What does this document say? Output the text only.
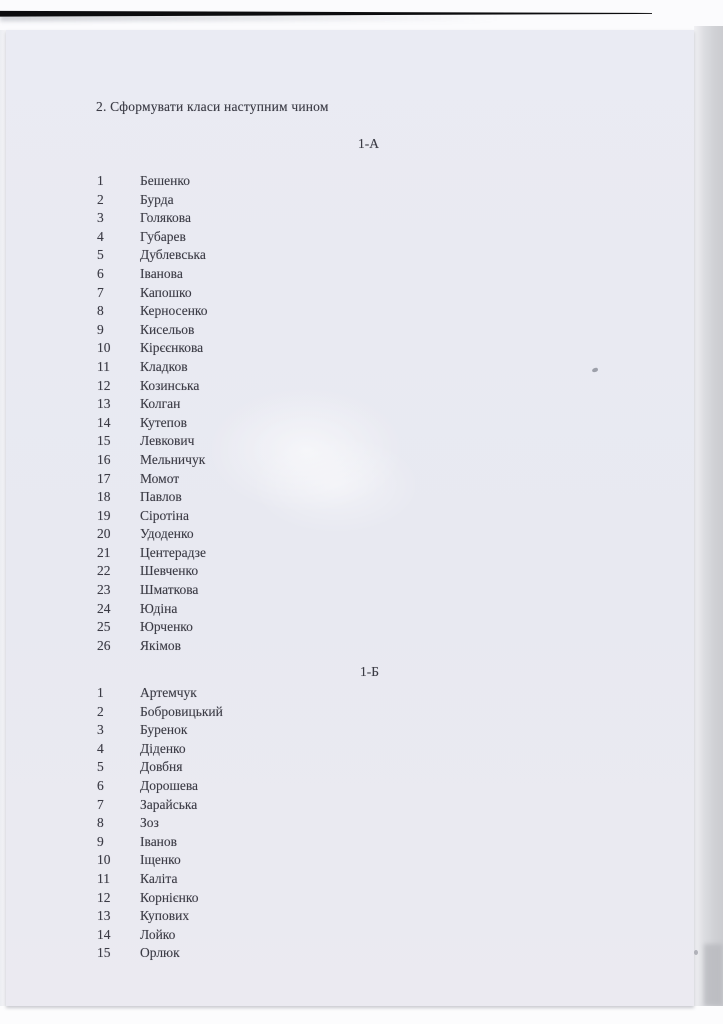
2. Сформувати класи наступним чином
1-А
1	Бешенко
2	Бурда
3	Голякова
4	Губарев
5	Дублевська
6	Іванова
7	Капошко
8	Керносенко
9	Кисельов
10	Кірєєнкова
11	Кладков
12	Козинська
13	Колган
14	Кутепов
15	Левкович
16	Мельничук
17	Момот
18	Павлов
19	Сіротіна
20	Удоденко
21	Центерадзе
22	Шевченко
23	Шматкова
24	Юдіна
25	Юрченко
26	Якімов
1-Б
1	Артемчук
2	Бобровицький
3	Буренок
4	Діденко
5	Довбня
6	Дорошева
7	Зарайська
8	Зоз
9	Іванов
10	Іщенко
11	Каліта
12	Корнієнко
13	Купових
14	Лойко
15	Орлюк
